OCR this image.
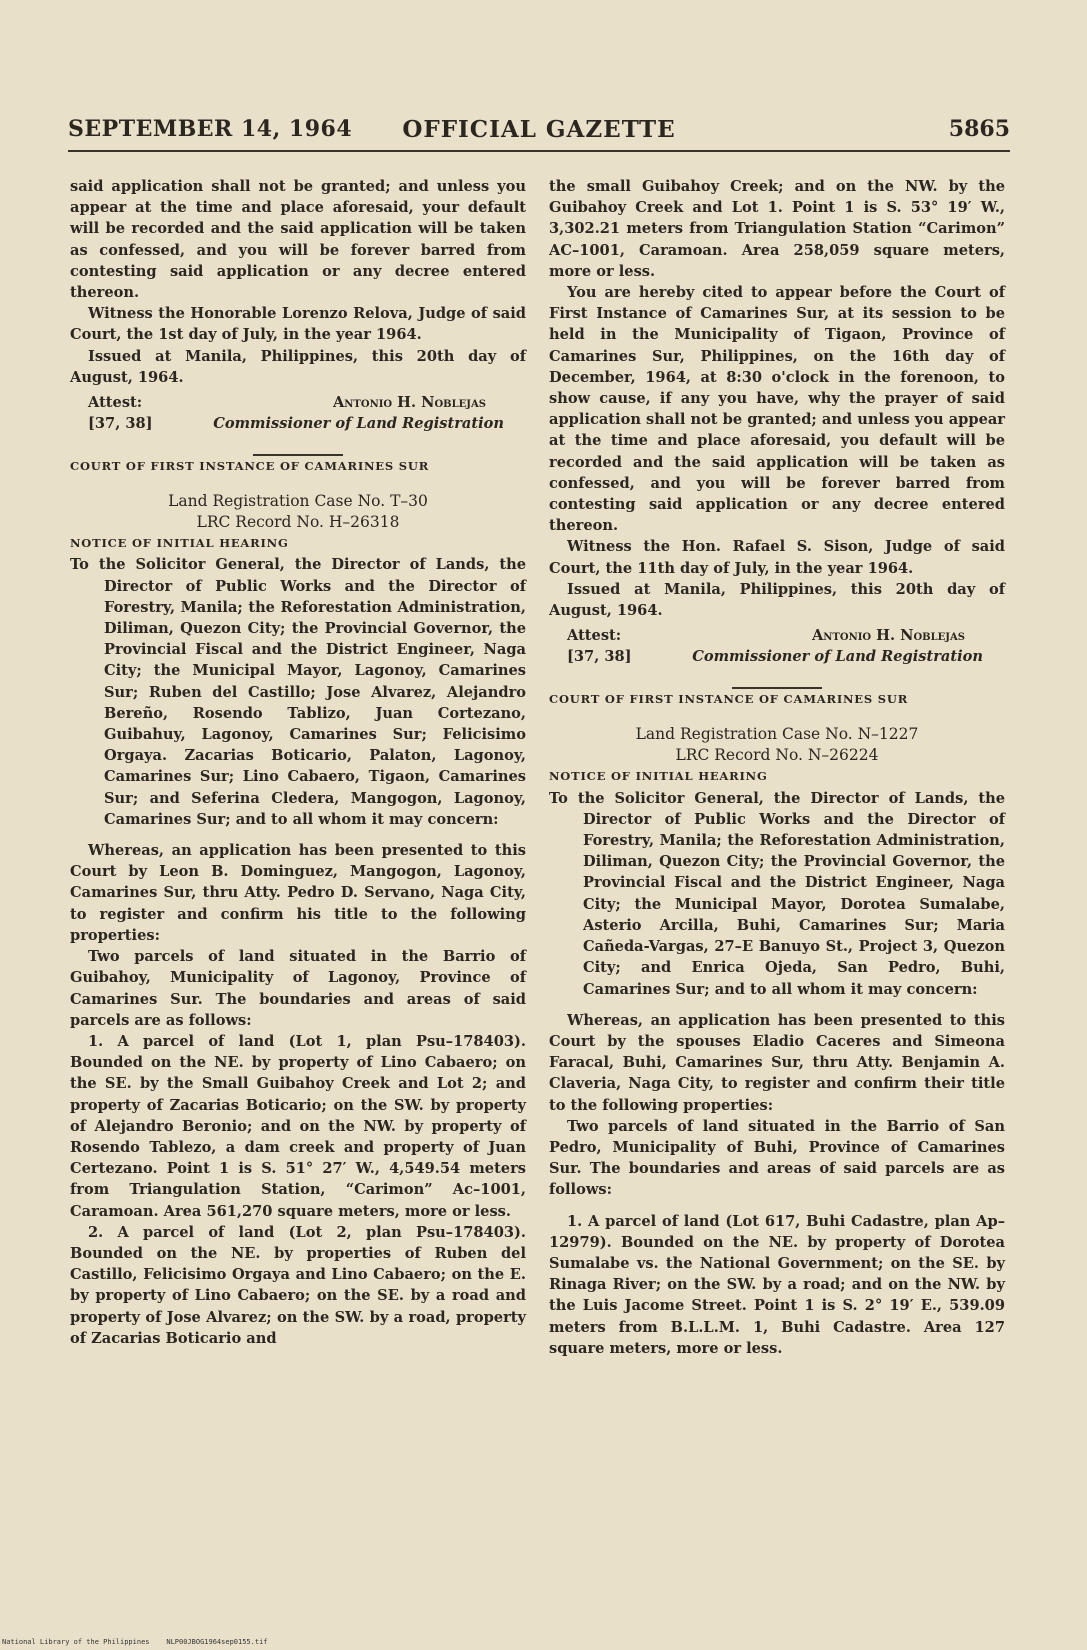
SEPTEMBER 14, 1964	OFFICIAL GAZETTE	5865

said application shall not be granted; and unless you appear at the time and place aforesaid, your default will be recorded and the said application will be taken as confessed, and you will be forever barred from contesting said application or any decree entered thereon.

Witness the Honorable Lorenzo Relova, Judge of said Court, the 1st day of July, in the year 1964.

Issued at Manila, Philippines, this 20th day of August, 1964.

Attest:	Antonio H. Noblejas
[37, 38]	Commissioner of Land Registration

COURT OF FIRST INSTANCE OF CAMARINES SUR

Land Registration Case No. T–30
LRC Record No. H–26318

NOTICE OF INITIAL HEARING

To the Solicitor General, the Director of Lands, the Director of Public Works and the Director of Forestry, Manila; the Reforestation Administration, Diliman, Quezon City; the Provincial Governor, the Provincial Fiscal and the District Engineer, Naga City; the Municipal Mayor, Lagonoy, Camarines Sur; Ruben del Castillo; Jose Alvarez, Alejandro Bereño, Rosendo Tablizo, Juan Cortezano, Guibahuy, Lagonoy, Camarines Sur; Felicisimo Orgaya. Zacarias Boticario, Palaton, Lagonoy, Camarines Sur; Lino Cabaero, Tigaon, Camarines Sur; and Seferina Cledera, Mangogon, Lagonoy, Camarines Sur; and to all whom it may concern:

Whereas, an application has been presented to this Court by Leon B. Dominguez, Mangogon, Lagonoy, Camarines Sur, thru Atty. Pedro D. Servano, Naga City, to register and confirm his title to the following properties:

Two parcels of land situated in the Barrio of Guibahoy, Municipality of Lagonoy, Province of Camarines Sur. The boundaries and areas of said parcels are as follows:

1. A parcel of land (Lot 1, plan Psu–178403). Bounded on the NE. by property of Lino Cabaero; on the SE. by the Small Guibahoy Creek and Lot 2; and property of Zacarias Boticario; on the SW. by property of Alejandro Beronio; and on the NW. by property of Rosendo Tablezo, a dam creek and property of Juan Certezano. Point 1 is S. 51° 27′ W., 4,549.54 meters from Triangulation Station, “Carimon” Ac–1001, Caramoan. Area 561,270 square meters, more or less.

2. A parcel of land (Lot 2, plan Psu–178403). Bounded on the NE. by properties of Ruben del Castillo, Felicisimo Orgaya and Lino Cabaero; on the E. by property of Lino Cabaero; on the SE. by a road and property of Jose Alvarez; on the SW. by a road, property of Zacarias Boticario and

the small Guibahoy Creek; and on the NW. by the Guibahoy Creek and Lot 1. Point 1 is S. 53° 19′ W., 3,302.21 meters from Triangulation Station “Carimon” AC–1001, Caramoan. Area 258,059 square meters, more or less.

You are hereby cited to appear before the Court of First Instance of Camarines Sur, at its session to be held in the Municipality of Tigaon, Province of Camarines Sur, Philippines, on the 16th day of December, 1964, at 8:30 o'clock in the forenoon, to show cause, if any you have, why the prayer of said application shall not be granted; and unless you appear at the time and place aforesaid, you default will be recorded and the said application will be taken as confessed, and you will be forever barred from contesting said application or any decree entered thereon.

Witness the Hon. Rafael S. Sison, Judge of said Court, the 11th day of July, in the year 1964.

Issued at Manila, Philippines, this 20th day of August, 1964.

Attest:	Antonio H. Noblejas
[37, 38]	Commissioner of Land Registration

COURT OF FIRST INSTANCE OF CAMARINES SUR

Land Registration Case No. N–1227
LRC Record No. N–26224

NOTICE OF INITIAL HEARING

To the Solicitor General, the Director of Lands, the Director of Public Works and the Director of Forestry, Manila; the Reforestation Administration, Diliman, Quezon City; the Provincial Governor, the Provincial Fiscal and the District Engineer, Naga City; the Municipal Mayor, Dorotea Sumalabe, Asterio Arcilla, Buhi, Camarines Sur; Maria Cañeda-Vargas, 27–E Banuyo St., Project 3, Quezon City; and Enrica Ojeda, San Pedro, Buhi, Camarines Sur; and to all whom it may concern:

Whereas, an application has been presented to this Court by the spouses Eladio Caceres and Simeona Faracal, Buhi, Camarines Sur, thru Atty. Benjamin A. Claveria, Naga City, to register and confirm their title to the following properties:

Two parcels of land situated in the Barrio of San Pedro, Municipality of Buhi, Province of Camarines Sur. The boundaries and areas of said parcels are as follows:

1. A parcel of land (Lot 617, Buhi Cadastre, plan Ap–12979). Bounded on the NE. by property of Dorotea Sumalabe vs. the National Government; on the SE. by Rinaga River; on the SW. by a road; and on the NW. by the Luis Jacome Street. Point 1 is S. 2° 19′ E., 539.09 meters from B.L.L.M. 1, Buhi Cadastre. Area 127 square meters, more or less.

National Library of the Philippines    NLP00JBOG1964sep0155.tif
